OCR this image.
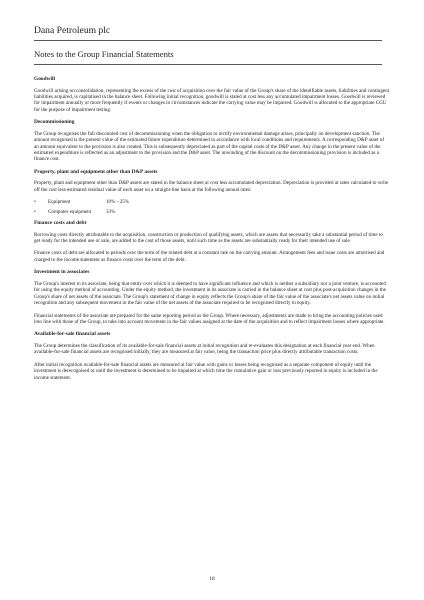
Dana Petroleum plc
Notes to the Group Financial Statements
Goodwill

Goodwill arising on consolidation, representing the excess of the cost of acquisition over the fair value of the Group's share of the identifiable assets, liabilities and contingent liabilities acquired, is capitalised in the balance sheet. Following initial recognition, goodwill is stated at cost less any accumulated impairment losses. Goodwill is reviewed for impairment annually or more frequently if events or changes in circumstances indicate the carrying value may be impaired. Goodwill is allocated to the appropriate CGU for the purpose of impairment testing.

Decommissioning

The Group recognises the full discounted cost of decommissioning when the obligation to rectify environmental damage arises, principally on development sanction. The amount recognised is the present value of the estimated future expenditure determined in accordance with local conditions and requirements. A corresponding D&P asset of an amount equivalent to the provision is also created. This is subsequently depreciated as part of the capital costs of the D&P asset. Any change in the present value of the estimated expenditure is reflected as an adjustment to the provision and the D&P asset. The unwinding of the discount on the decommissioning provision is included as a finance cost.

Property, plant and equipment other than D&P assets

Property, plant and equipment other than D&P assets are stated in the balance sheet at cost less accumulated depreciation. Depreciation is provided at rates calculated to write off the cost less estimated residual value of each asset on a straight-line basis at the following annual rates:

•	Equipment	10% - 25%
•	Computer equipment	33%
Finance costs and debt

Borrowing costs directly attributable to the acquisition, construction or production of qualifying assets, which are assets that necessarily take a substantial period of time to get ready for the intended use or sale, are added to the cost of those assets, until such time as the assets are substantially ready for their intended use of sale.

Finance costs of debt are allocated to periods over the term of the related debt at a constant rate on the carrying amount. Arrangement fees and issue costs are amortised and charged to the income statement as finance costs over the term of the debt.

Investment in associates

The Group's interest in its associate, being that entity over which it is deemed to have significant influence and which is neither a subsidiary nor a joint venture, is accounted for using the equity method of accounting. Under the equity method, the investment in its associate is carried in the balance sheet at cost plus post-acquisition changes in the Group's share of net assets of the associate. The Group's statement of change in equity reflects the Group's share of the fair value of the associate's net assets value on initial recognition and any subsequent movement in the fair value of the net assets of the associate required to be recognised directly in equity.

Financial statements of the associate are prepared for the same reporting period as the Group. Where necessary, adjustments are made to bring the accounting policies used into line with those of the Group, to take into account movement in the fair values assigned at the date of the acquisition and to reflect impairment losses where appropriate.

Available-for-sale financial assets

The Group determines the classification of its available-for-sale financial assets at initial recognition and re-evaluates this designation at each financial year end. When available-for-sale financial assets are recognised initially, they are measured at fair value, being the transaction price plus directly attributable transaction costs.

After initial recognition available-for-sale financial assets are measured at fair value with gains or losses being recognised as a separate component of equity until the investment is derecognised or until the investment is determined to be impaired at which time the cumulative gain or loss previously reported in equity is included in the income statement.

18
